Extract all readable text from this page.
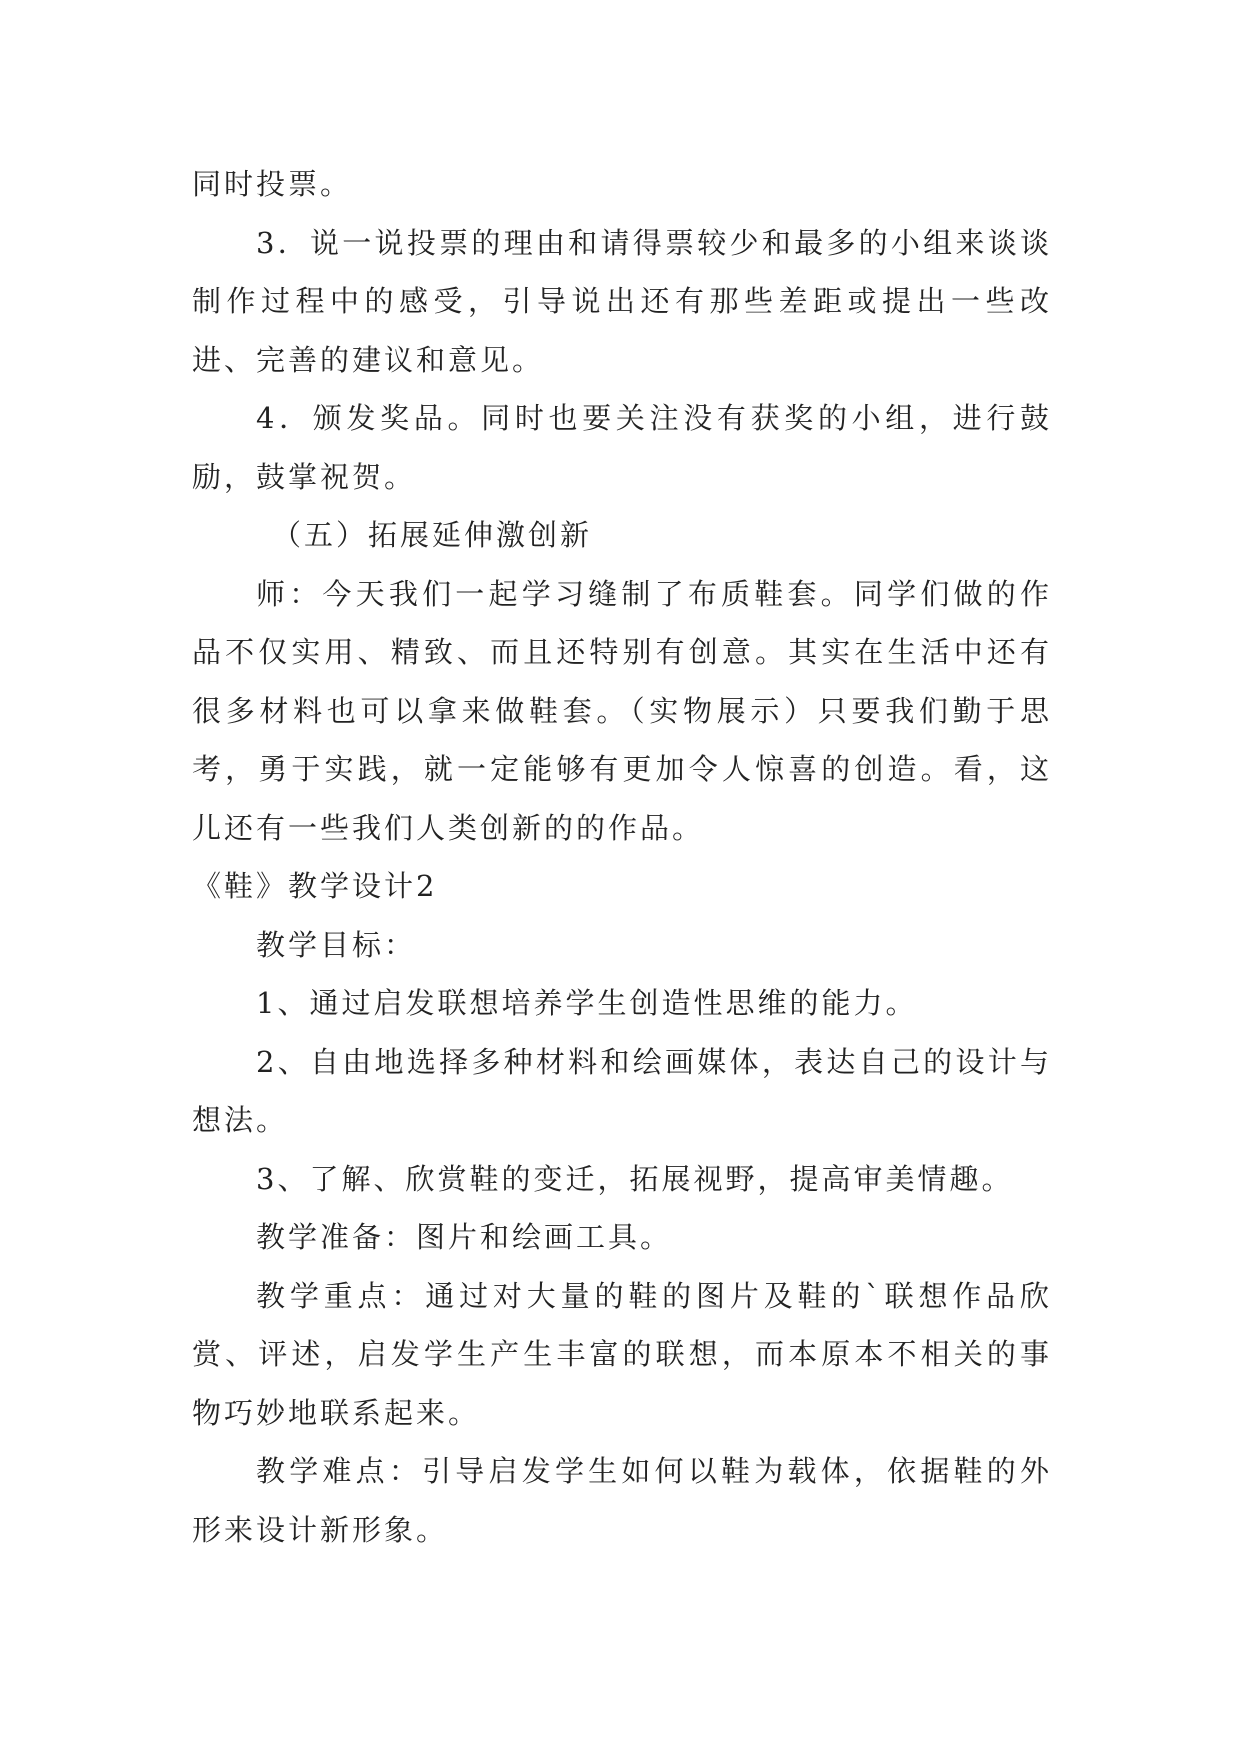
同时投票。

3．说一说投票的理由和请得票较少和最多的小组来谈谈制作过程中的感受，引导说出还有那些差距或提出一些改进、完善的建议和意见。

4．颁发奖品。同时也要关注没有获奖的小组，进行鼓励，鼓掌祝贺。

（五）拓展延伸激创新

师：今天我们一起学习缝制了布质鞋套。同学们做的作品不仅实用、精致、而且还特别有创意。其实在生活中还有很多材料也可以拿来做鞋套。（实物展示）只要我们勤于思考，勇于实践，就一定能够有更加令人惊喜的创造。看，这儿还有一些我们人类创新的的作品。

《鞋》教学设计2

教学目标：

1、通过启发联想培养学生创造性思维的能力。

2、自由地选择多种材料和绘画媒体，表达自己的设计与想法。

3、了解、欣赏鞋的变迁，拓展视野，提高审美情趣。

教学准备：图片和绘画工具。

教学重点：通过对大量的鞋的图片及鞋的`联想作品欣赏、评述，启发学生产生丰富的联想，而本原本不相关的事物巧妙地联系起来。

教学难点：引导启发学生如何以鞋为载体，依据鞋的外形来设计新形象。
